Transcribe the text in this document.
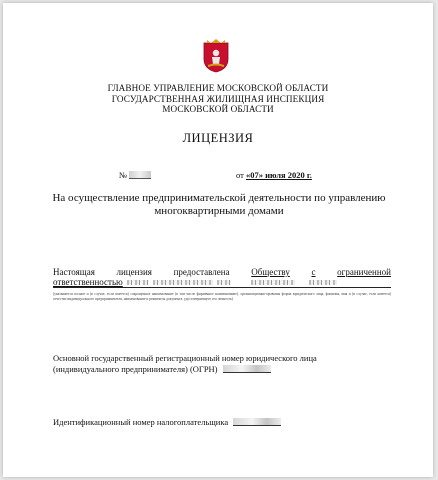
ГЛАВНОЕ УПРАВЛЕНИЕ МОСКОВСКОЙ ОБЛАСТИ
ГОСУДАРСТВЕННАЯ ЖИЛИЩНАЯ ИНСПЕКЦИЯ
МОСКОВСКОЙ ОБЛАСТИ
ЛИЦЕНЗИЯ
№	от «07» июля 2020 г.
На осуществление предпринимательской деятельности по управлению многоквартирными домами
Настоящая лицензия предоставлена Обществу с ограниченной
ответственностью
(указывается полное и (в случае, если имеется) сокращенное наименование (в том числе фирменное наименование), организационно-правовая форма юридического лица, фамилия, имя и (в случае, если имеется) отчество индивидуального предпринимателя, наименование и реквизиты документа, удостоверяющего его личность)
Основной государственный регистрационный номер юридического лица
(индивидуального предпринимателя) (ОГРН)
Идентификационный номер налогоплательщика
